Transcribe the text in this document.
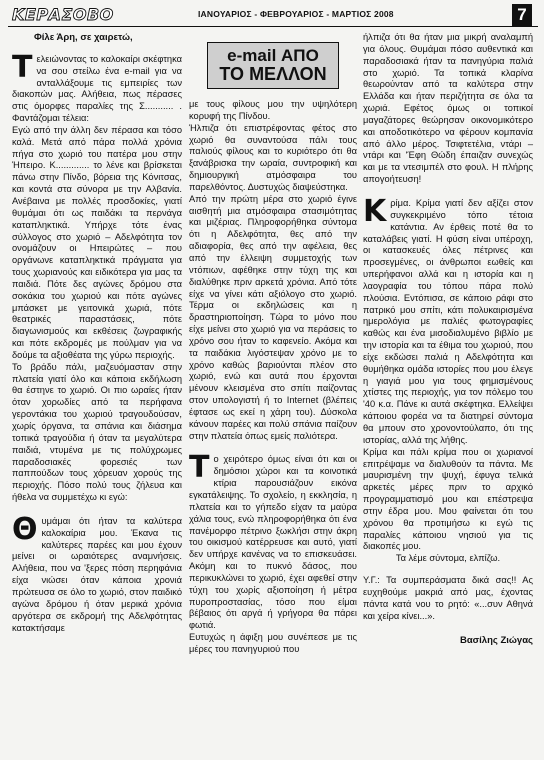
ΚΕΡΑΣΟΒΟ	ΙΑΝΟΥΑΡΙΟΣ - ΦΕΒΡΟΥΑΡΙΟΣ - ΜΑΡΤΙΟΣ 2008	7

Φίλε Άρη, σε χαιρετώ,

Τελειώνοντας το καλοκαίρι σκέφτηκα να σου στείλω ένα e-mail για να ανταλλάξουμε τις εμπειρίες των διακοπών μας. Αλήθεια, πως πέρασες στις όμορφες παραλίες της Σ........... . Φαντάζομαι τέλεια:

Εγώ από την άλλη δεν πέρασα και τόσο καλά. Μετά από πάρα πολλά χρόνια πήγα στο χωριό του πατέρα μου στην Ήπειρο. Κ............. το λένε και βρίσκεται πάνω στην Πίνδο, βόρεια της Κόνιτσας, και κοντά στα σύνορα με την Αλβανία. Ανέβαινα με πολλές προσδοκίες, γιατί θυμάμαι ότι ως παιδάκι τα περνάγα καταπληκτικά. Υπήρχε τότε ένας σύλλογος στο χωριό – Αδελφότητα τον ονομάζουν οι Ηπειρώτες – που οργάνωνε καταπληκτικά πράγματα για τους χωριανούς και ειδικότερα για μας τα παιδιά. Πότε δες αγώνες δρόμου στα σοκάκια του χωριού και πότε αγώνες μπάσκετ με γειτονικά χωριά, πότε θεατρικές παραστάσεις, πότε διαγωνισμούς και εκθέσεις ζωγραφικής και πότε εκδρομές με πούλμαν για να δούμε τα αξιοθέατα της γύρω περιοχής.

Το βράδυ πάλι, μαζευόμασταν στην πλατεία γιατί όλο και κάποια εκδήλωση θα έστηνε το χωριό. Οι πιο ωραίες ήταν όταν χορωδίες από τα περήφανα γεροντάκια του χωριού τραγουδούσαν, χωρίς όργανα, τα σπάνια και διάσημα τοπικά τραγούδια ή όταν τα μεγαλύτερα παιδιά, ντυμένα με τις πολύχρωμες παραδοσιακές φορεσιές των παππούδων τους χόρευαν χορούς της περιοχής. Πόσο πολύ τους ζήλευα και ήθελα να συμμετέχω κι εγώ:

Θυμάμαι ότι ήταν τα καλύτερα καλοκαίρια μου. Έκανα τις καλύτερες παρέες και μου έχουν μείνει οι ωραιότερες αναμνήσεις. Αλήθεια, που να 'ξερες πόση περηφάνια είχα νιώσει όταν κάποια χρονιά πρώτευσα σε όλο το χωριό, στον παιδικό αγώνα δρόμου ή όταν μερικά χρόνια αργότερα σε εκδρομή της Αδελφότητας κατακτήσαμε

e-mail ΑΠΟ
ΤΟ ΜΕΛΛΟΝ

με τους φίλους μου την υψηλότερη κορυφή της Πίνδου.

Ήλπιζα ότι επιστρέφοντας φέτος στο χωριό θα συναντούσα πάλι τους παλιούς φίλους και το κυριότερο ότι θα ξανάβρισκα την ωραία, συντροφική και δημιουργική ατμόσφαιρα του παρελθόντος. Δυστυχώς διαψεύστηκα.

Από την πρώτη μέρα στο χωριό έγινε αισθητή μια ατμόσφαιρα στασιμότητας και μιζέριας. Πληροφορήθηκα σύντομα ότι η Αδελφότητα, θες από την αδιαφορία, θες από την αφέλεια, θες από την έλλειψη συμμετοχής των ντόπιων, αφέθηκε στην τύχη της και διαλύθηκε πριν αρκετά χρόνια. Από τότε είχε να γίνει κάτι αξιόλογο στο χωριό. Τέρμα οι εκδηλώσεις και η δραστηριοποίηση. Τώρα το μόνο που είχε μείνει στο χωριό για να περάσεις το χρόνο σου ήταν το καφενείο. Ακόμα και τα παιδάκια λιγόστεψαν χρόνο με το χρόνο καθώς βαριούνται πλέον στο χωριό, ενώ και αυτά που έρχονται μένουν κλεισμένα στο σπίτι παίζοντας στον υπολογιστή ή το Internet (βλέπεις έφτασε ως εκεί η χάρη του). Δύσκολα κάνουν παρέες και πολύ σπάνια παίζουν στην πλατεία όπως εμείς παλιότερα.

Το χειρότερο όμως είναι ότι και οι δημόσιοι χώροι και τα κοινοτικά κτίρια παρουσιάζουν εικόνα εγκατάλειψης. Το σχολείο, η εκκλησία, η πλατεία και το γήπεδο είχαν τα μαύρα χάλια τους, ενώ πληροφορήθηκα ότι ένα πανέμορφο πέτρινο ξωκλήσι στην άκρη του οικισμού κατέρρευσε και αυτό, γιατί δεν υπήρχε κανένας να το επισκευάσει. Ακόμη και το πυκνό δάσος, που περικυκλώνει το χωριό, έχει αφεθεί στην τύχη του χωρίς αξιοποίηση ή μέτρα πυροπροστασίας, τόσο που είμαι βέβαιος ότι αργά ή γρήγορα θα πάρει φωτιά.

Ευτυχώς η άφιξη μου συνέπεσε με τις μέρες του πανηγυριού που

ήλπιζα ότι θα ήταν μια μικρή αναλαμπή για όλους. Θυμάμαι πόσο αυθεντικά και παραδοσιακά ήταν τα πανηγύρια παλιά στο χωριό. Τα τοπικά κλαρίνα θεωρούνταν από τα καλύτερα στην Ελλάδα και ήταν περιζήτητα σε όλα τα χωριά. Εφέτος όμως οι τοπικοί μαγαζάτορες θεώρησαν οικονομικότερο και αποδοτικότερο να φέρουν κομπανία από άλλο μέρος. Τσιφτετέλια, ντάρι – ντάρι και 'Έφη Θώδη έπαιζαν συνεχώς και με τα ντεσιμπέλ στο φουλ. Η πλήρης απογοήτευση!

Κρίμα. Κρίμα γιατί δεν αξίζει στον συγκεκριμένο τόπο τέτοια κατάντια. Αν έρθεις ποτέ θα το καταλάβεις γιατί. Η φύση είναι υπέροχη, οι κατασκευές όλες πέτρινες και προσεγμένες, οι άνθρωποι εωθείς και υπερήφανοι αλλά και η ιστορία και η λαογραφία του τόπου πάρα πολύ πλούσια. Εντόπισα, σε κάποιο ράφι στο πατρικό μου σπίτι, κάτι πολυκαιρισμένα ημερολόγια με παλιές φωτογραφίες καθώς και ένα μισοδιαλυμένο βιβλίο με την ιστορία και τα έθιμα του χωριού, που είχε εκδώσει παλιά η Αδελφότητα και θυμήθηκα ομάδα ιστορίες που μου έλεγε η γιαγιά μου για τους φημισμένους χτίστες της περιοχής, για τον πόλεμο του '40 κ.α. Πάνε κι αυτά σκέφτηκα. Ελλείψει κάποιου φορέα να τα διατηρεί σύντομα θα μπουν στο χρονοντούλαπο, ότι της ιστορίας, αλλά της λήθης.

Κρίμα και πάλι κρίμα που οι χωριανοί επιτρέψαμε να διαλυθούν τα πάντα. Με μαυρισμένη την ψυχή, έφυγα τελικά αρκετές μέρες πριν το αρχικό προγραμματισμό μου και επέστρεψα στην έδρα μου. Μου φαίνεται ότι του χρόνου θα προτιμήσω κι εγώ τις παραλίες κάποιου νησιού για τις διακοπές μου.

Τα λέμε σύντομα, ελπίζω.

Υ.Γ.: Τα συμπεράσματα δικά σας!! Ας ευχηθούμε μακριά από μας, έχοντας πάντα κατά νου το ρητό: «...συν Αθηνά και χείρα κίνει...».

Βασίλης Ζιώγας
